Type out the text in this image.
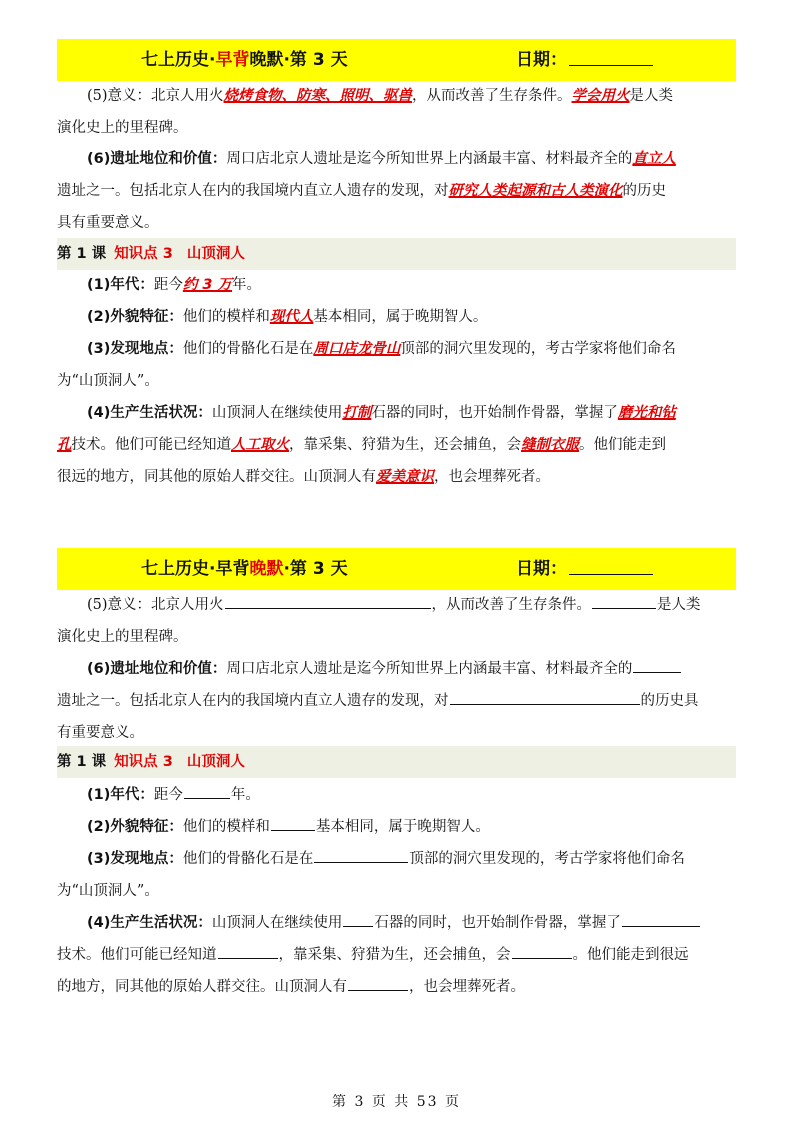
七上历史·早背晚默·第 3 天	日期：
(5)意义：北京人用火烧烤食物、防寒、照明、驱兽，从而改善了生存条件。学会用火是人类
演化史上的里程碑。
(6)遗址地位和价值：周口店北京人遗址是迄今所知世界上内涵最丰富、材料最齐全的直立人
遗址之一。包括北京人在内的我国境内直立人遗存的发现，对研究人类起源和古人类演化的历史
具有重要意义。
第 1 课 知识点 3 山顶洞人
(1)年代：距今约 3 万年。
(2)外貌特征：他们的模样和现代人基本相同，属于晚期智人。
(3)发现地点：他们的骨骼化石是在周口店龙骨山顶部的洞穴里发现的，考古学家将他们命名
为“山顶洞人”。
(4)生产生活状况：山顶洞人在继续使用打制石器的同时，也开始制作骨器，掌握了磨光和钻
孔技术。他们可能已经知道人工取火，靠采集、狩猎为生，还会捕鱼，会缝制衣服。他们能走到
很远的地方，同其他的原始人群交往。山顶洞人有爱美意识，也会埋葬死者。
七上历史·早背晚默·第 3 天	日期：
(5)意义：北京人用火	，从而改善了生存条件。	是人类
演化史上的里程碑。
(6)遗址地位和价值：周口店北京人遗址是迄今所知世界上内涵最丰富、材料最齐全的
遗址之一。包括北京人在内的我国境内直立人遗存的发现，对	的历史具
有重要意义。
第 1 课 知识点 3 山顶洞人
(1)年代：距今	年。
(2)外貌特征：他们的模样和	基本相同，属于晚期智人。
(3)发现地点：他们的骨骼化石是在	顶部的洞穴里发现的，考古学家将他们命名
为“山顶洞人”。
(4)生产生活状况：山顶洞人在继续使用 石器的同时，也开始制作骨器，掌握了
技术。他们可能已经知道	，靠采集、狩猎为生，还会捕鱼，会	。他们能走到很远
的地方，同其他的原始人群交往。山顶洞人有	，也会埋葬死者。
第 3 页 共 53 页
